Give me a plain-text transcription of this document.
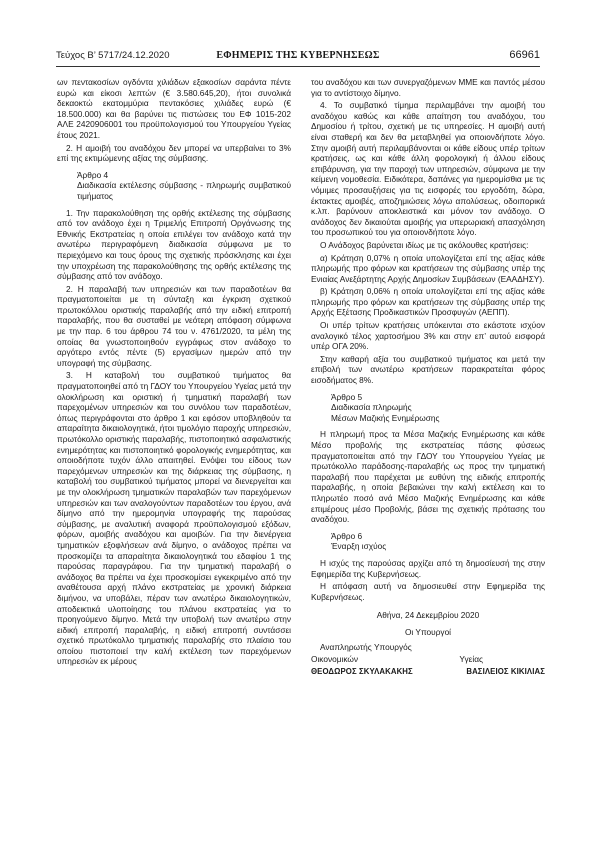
Τεύχος B’ 5717/24.12.2020	ΕΦΗΜΕΡΙΣ ΤΗΣ ΚΥΒΕΡΝΗΣΕΩΣ	66961

ων πεντακοσίων ογδόντα χιλιάδων εξακοσίων σαράντα πέντε ευρώ και είκοσι λεπτών (€ 3.580.645,20), ήτοι συνολικά δεκαοκτώ εκατομμύρια πεντακόσιες χιλιάδες ευρώ (€ 18.500.000) και θα βαρύνει τις πιστώσεις του ΕΦ 1015-202 ΑΛΕ 2420906001 του προϋπολογισμού του Υπουργείου Υγείας έτους 2021.

2. Η αμοιβή του αναδόχου δεν μπορεί να υπερβαίνει το 3% επί της εκτιμώμενης αξίας της σύμβασης.

Άρθρο 4

Διαδικασία εκτέλεσης σύμβασης - πληρωμής συμβατικού τιμήματος

1. Την παρακολούθηση της ορθής εκτέλεσης της σύμβασης από τον ανάδοχο έχει η Τριμελής Επιτροπή Οργάνωσης της Εθνικής Εκστρατείας η οποία επιλέγει τον ανάδοχο κατά την ανωτέρω περιγραφόμενη διαδικασία σύμφωνα με το περιεχόμενο και τους όρους της σχετικής πρόσκλησης και έχει την υποχρέωση της παρακολούθησης της ορθής εκτέλεσης της σύμβασης από τον ανάδοχο.

2. Η παραλαβή των υπηρεσιών και των παραδοτέων θα πραγματοποιείται με τη σύνταξη και έγκριση σχετικού πρωτοκόλλου οριστικής παραλαβής από την ειδική επιτροπή παραλαβής, που θα συσταθεί με νεότερη απόφαση σύμφωνα με την παρ. 6 του άρθρου 74 του ν. 4761/2020, τα μέλη της οποίας θα γνωστοποιηθούν εγγράφως στον ανάδοχο το αργότερο εντός πέντε (5) εργασίμων ημερών από την υπογραφή της σύμβασης.

3. Η καταβολή του συμβατικού τιμήματος θα πραγματοποιηθεί από τη ΓΔΟΥ του Υπουργείου Υγείας μετά την ολοκλήρωση και οριστική ή τμηματική παραλαβή των παρεχομένων υπηρεσιών και του συνόλου των παραδοτέων, όπως περιγράφονται στο άρθρο 1 και εφόσον υποβληθούν τα απαραίτητα δικαιολογητικά, ήτοι τιμολόγιο παροχής υπηρεσιών, πρωτόκολλο οριστικής παραλαβής, πιστοποιητικό ασφαλιστικής ενημερότητας και πιστοποιητικό φορολογικής ενημερότητας, και οποιοδήποτε τυχόν άλλο απαιτηθεί. Ενόψει του είδους των παρεχόμενων υπηρεσιών και της διάρκειας της σύμβασης, η καταβολή του συμβατικού τιμήματος μπορεί να διενεργείται και με την ολοκλήρωση τμηματικών παραλαβών των παρεχόμενων υπηρεσιών και των αναλογούντων παραδοτέων του έργου, ανά δίμηνο από την ημερομηνία υπογραφής της παρούσας σύμβασης, με αναλυτική αναφορά προϋπολογισμού εξόδων, φόρων, αμοιβής αναδόχου και αμοιβών. Για την διενέργεια τμηματικών εξοφλήσεων ανά δίμηνο, ο ανάδοχος πρέπει να προσκομίζει τα απαραίτητα δικαιολογητικά του εδαφίου 1 της παρούσας παραγράφου. Για την τμηματική παραλαβή ο ανάδοχος θα πρέπει να έχει προσκομίσει εγκεκριμένο από την αναθέτουσα αρχή πλάνο εκστρατείας με χρονική διάρκεια διμήνου, να υποβάλει, πέραν των ανωτέρω δικαιολογητικών, αποδεικτικά υλοποίησης του πλάνου εκστρατείας για το προηγούμενο δίμηνο. Μετά την υποβολή των ανωτέρω στην ειδική επιτροπή παραλαβής, η ειδική επιτροπή συντάσσει σχετικό πρωτόκολλο τμηματικής παραλαβής στο πλαίσιο του οποίου πιστοποιεί την καλή εκτέλεση των παρεχόμενων υπηρεσιών εκ μέρους

του αναδόχου και των συνεργαζόμενων ΜΜΕ και παντός μέσου για το αντίστοιχο δίμηνο.

4. Το συμβατικό τίμημα περιλαμβάνει την αμοιβή του αναδόχου καθώς και κάθε απαίτηση του αναδόχου, του Δημοσίου ή τρίτου, σχετική με τις υπηρεσίες. Η αμοιβή αυτή είναι σταθερή και δεν θα μεταβληθεί για οποιονδήποτε λόγο. Στην αμοιβή αυτή περιλαμβάνονται οι κάθε είδους υπέρ τρίτων κρατήσεις, ως και κάθε άλλη φορολογική ή άλλου είδους επιβάρυνση, για την παροχή των υπηρεσιών, σύμφωνα με την κείμενη νομοθεσία. Ειδικότερα, δαπάνες για ημερομίσθια με τις νόμιμες προσαυξήσεις για τις εισφορές του εργοδότη, δώρα, έκτακτες αμοιβές, αποζημιώσεις λόγω απολύσεως, οδοιπορικά κ.λπ. βαρύνουν αποκλειστικά και μόνον τον ανάδοχο. Ο ανάδοχος δεν δικαιούται αμοιβής για υπερωριακή απασχόληση του προσωπικού του για οποιονδήποτε λόγο.

Ο Ανάδοχος βαρύνεται ιδίως με τις ακόλουθες κρατήσεις:

α) Κράτηση 0,07% η οποία υπολογίζεται επί της αξίας κάθε πληρωμής προ φόρων και κρατήσεων της σύμβασης υπέρ της Ενιαίας Ανεξάρτητης Αρχής Δημοσίων Συμβάσεων (ΕΑΑΔΗΣΥ).

β) Κράτηση 0,06% η οποία υπολογίζεται επί της αξίας κάθε πληρωμής προ φόρων και κρατήσεων της σύμβασης υπέρ της Αρχής Εξέτασης Προδικαστικών Προσφυγών (ΑΕΠΠ).

Οι υπέρ τρίτων κρατήσεις υπόκεινται στο εκάστοτε ισχύον αναλογικό τέλος χαρτοσήμου 3% και στην επ’ αυτού εισφορά υπέρ ΟΓΑ 20%.

Στην καθαρή αξία του συμβατικού τιμήματος και μετά την επιβολή των ανωτέρω κρατήσεων παρακρατείται φόρος εισοδήματος 8%.

Άρθρο 5

Διαδικασία πληρωμής

Μέσων Μαζικής Ενημέρωσης

Η πληρωμή προς τα Μέσα Μαζικής Ενημέρωσης και κάθε Μέσο προβολής της εκστρατείας πάσης φύσεως πραγματοποιείται από την ΓΔΟΥ του Υπουργείου Υγείας με πρωτόκολλο παράδοσης-παραλαβής ως προς την τμηματική παραλαβή που παρέχεται με ευθύνη της ειδικής επιτροπής παραλαβής, η οποία βεβαιώνει την καλή εκτέλεση και το πληρωτέο ποσό ανά Μέσο Μαζικής Ενημέρωσης και κάθε επιμέρους μέσο Προβολής, βάσει της σχετικής πρότασης του αναδόχου.

Άρθρο 6

Έναρξη ισχύος

Η ισχύς της παρούσας αρχίζει από τη δημοσίευσή της στην Εφημερίδα της Κυβερνήσεως.

Η απόφαση αυτή να δημοσιευθεί στην Εφημερίδα της Κυβερνήσεως.

Αθήνα, 24 Δεκεμβρίου 2020

Οι Υπουργοί

Αναπληρωτής Υπουργός

Οικονομικών	Υγείας
ΘΕΟΔΩΡΟΣ ΣΚΥΛΑΚΑΚΗΣ	ΒΑΣΙΛΕΙΟΣ ΚΙΚΙΛΙΑΣ
